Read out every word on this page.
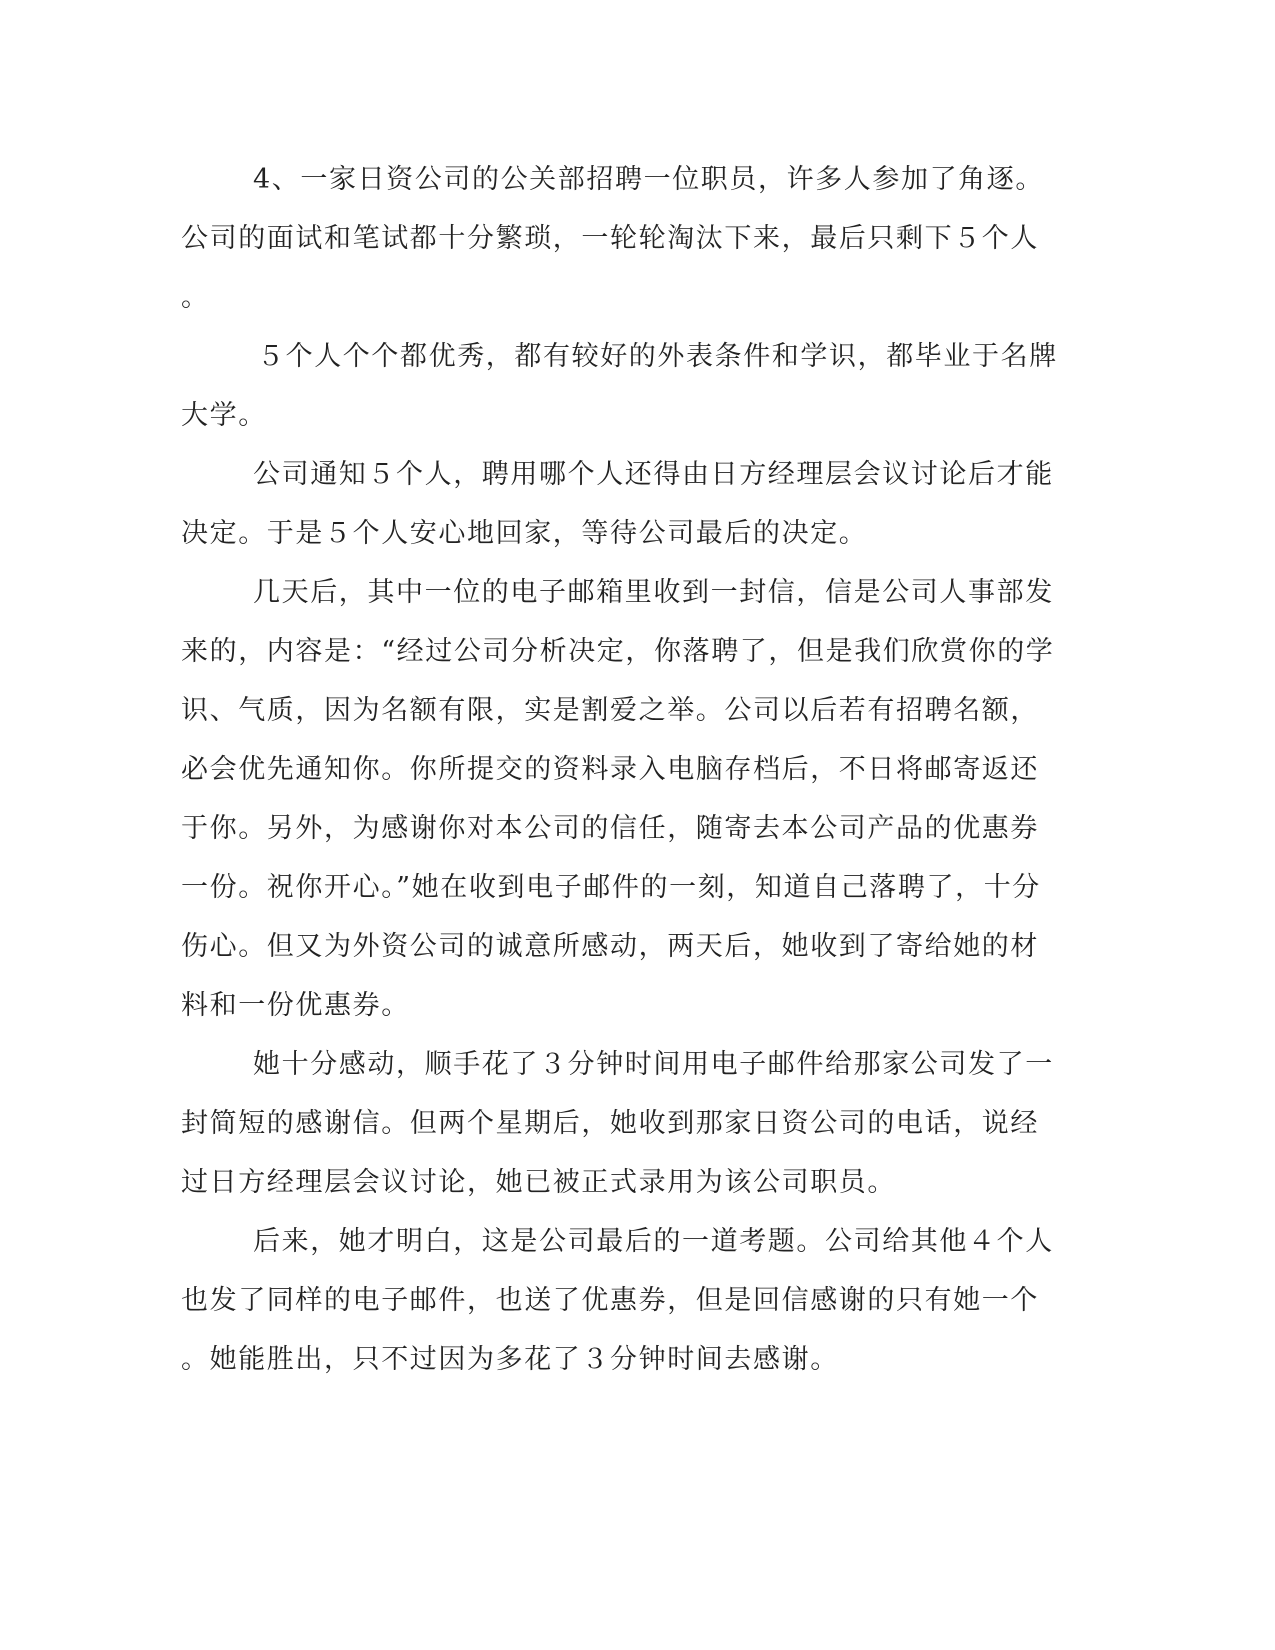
4、一家日资公司的公关部招聘一位职员，许多人参加了角逐。
公司的面试和笔试都十分繁琐，一轮轮淘汰下来，最后只剩下５个人
。
５个人个个都优秀，都有较好的外表条件和学识，都毕业于名牌
大学。
公司通知５个人，聘用哪个人还得由日方经理层会议讨论后才能
决定。于是５个人安心地回家，等待公司最后的决定。
几天后，其中一位的电子邮箱里收到一封信，信是公司人事部发
来的，内容是：“经过公司分析决定，你落聘了，但是我们欣赏你的学
识、气质，因为名额有限，实是割爱之举。公司以后若有招聘名额，
必会优先通知你。你所提交的资料录入电脑存档后，不日将邮寄返还
于你。另外，为感谢你对本公司的信任，随寄去本公司产品的优惠券
一份。祝你开心。”她在收到电子邮件的一刻，知道自己落聘了，十分
伤心。但又为外资公司的诚意所感动，两天后，她收到了寄给她的材
料和一份优惠券。
她十分感动，顺手花了３分钟时间用电子邮件给那家公司发了一
封简短的感谢信。但两个星期后，她收到那家日资公司的电话，说经
过日方经理层会议讨论，她已被正式录用为该公司职员。
后来，她才明白，这是公司最后的一道考题。公司给其他４个人
也发了同样的电子邮件，也送了优惠券，但是回信感谢的只有她一个
。她能胜出，只不过因为多花了３分钟时间去感谢。
